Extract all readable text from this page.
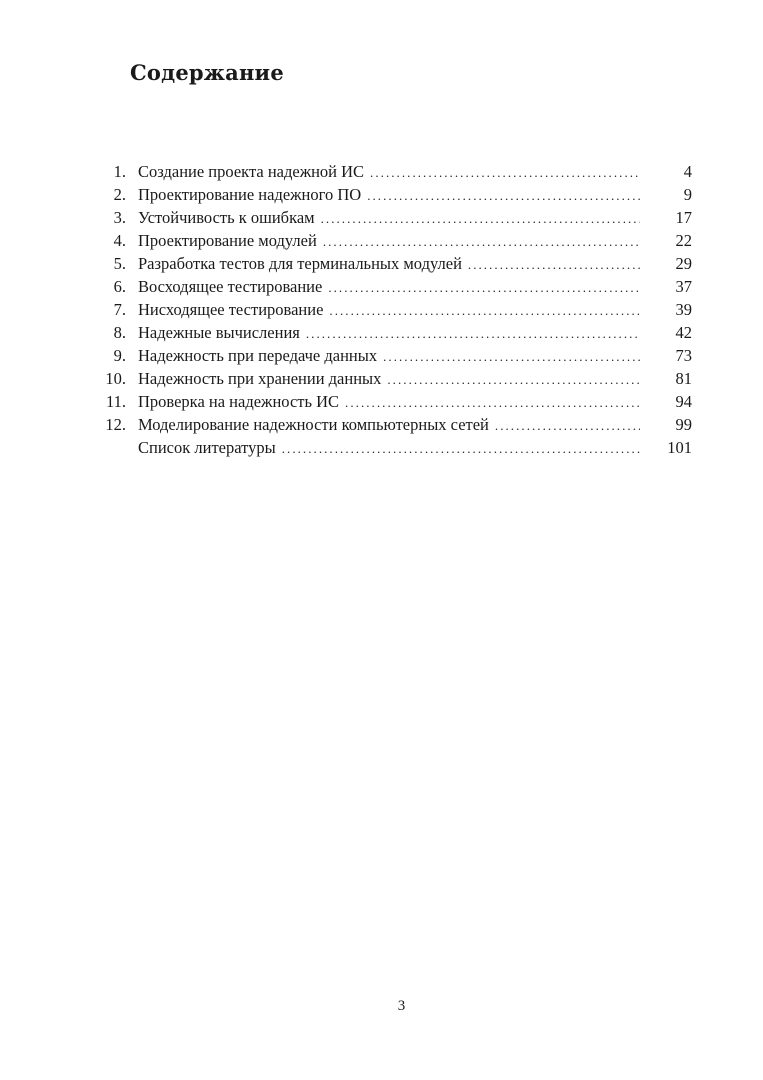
Содержание
1. Создание проекта надежной ИС . . .	4
2. Проектирование надежного ПО . . .	9
3. Устойчивость к ошибкам . . .	17
4. Проектирование модулей . . .	22
5. Разработка тестов для терминальных модулей . . .	29
6. Восходящее тестирование . . .	37
7. Нисходящее тестирование . . .	39
8. Надежные вычисления . . .	42
9. Надежность при передаче данных . . .	73
10. Надежность при хранении данных . . .	81
11. Проверка на надежность ИС . . .	94
12. Моделирование надежности компьютерных сетей . . .	99
Список литературы . . .	101
3
